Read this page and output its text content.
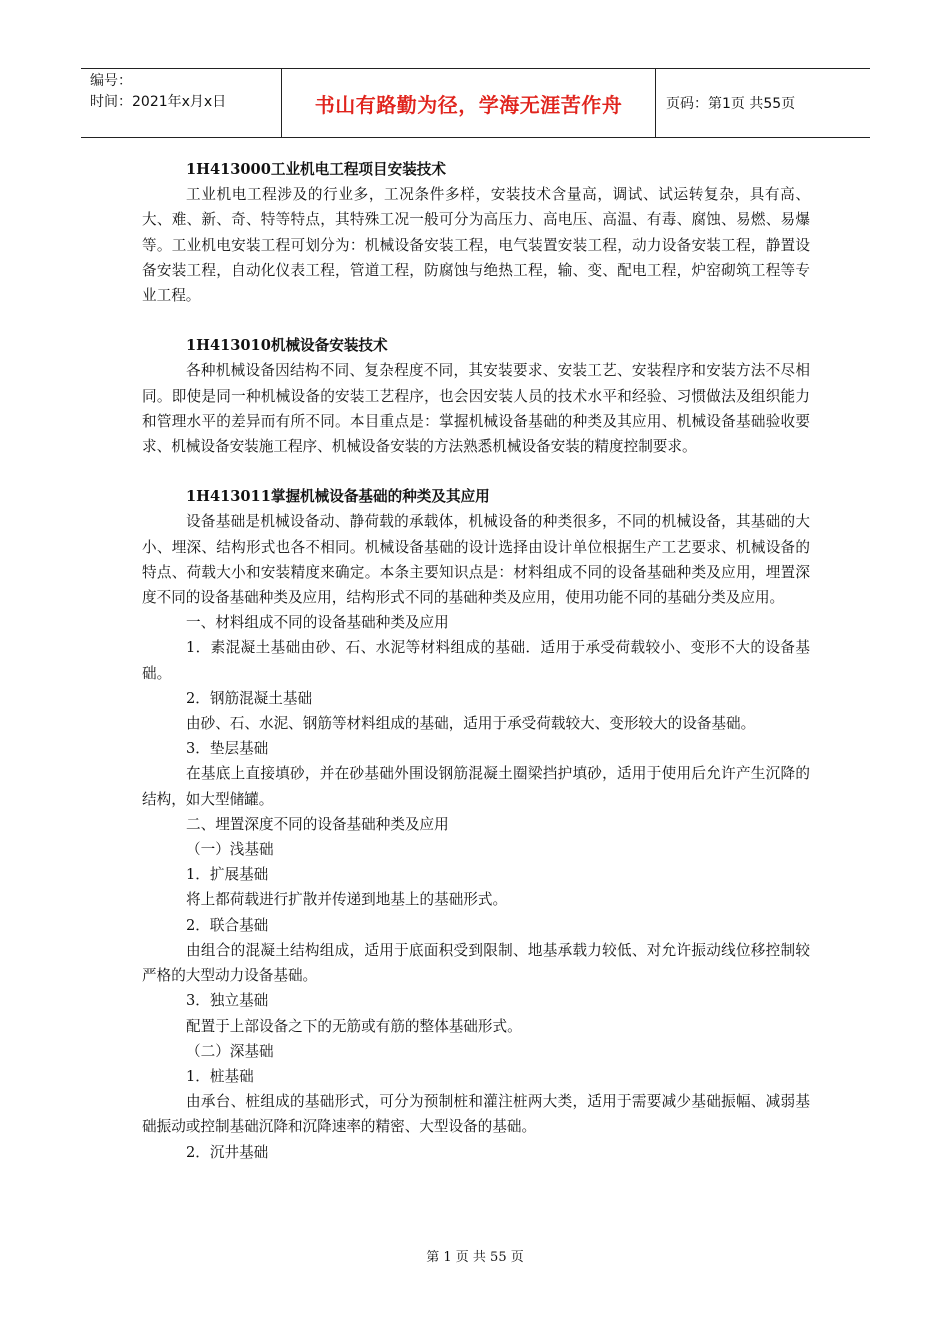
编号：
时间：2021年x月x日	书山有路勤为径，学海无涯苦作舟	页码：第1页 共55页

1H413000工业机电工程项目安装技术

工业机电工程涉及的行业多，工况条件多样，安装技术含量高，调试、试运转复杂，具有高、大、难、新、奇、特等特点，其特殊工况一般可分为高压力、高电压、高温、有毒、腐蚀、易燃、易爆等。工业机电安装工程可划分为：机械设备安装工程，电气装置安装工程，动力设备安装工程，静置设备安装工程，自动化仪表工程，管道工程，防腐蚀与绝热工程，输、变、配电工程，炉窑砌筑工程等专业工程。

1H413010机械设备安装技术

各种机械设备因结构不同、复杂程度不同，其安装要求、安装工艺、安装程序和安装方法不尽相同。即使是同一种机械设备的安装工艺程序，也会因安装人员的技术水平和经验、习惯做法及组织能力和管理水平的差异而有所不同。本目重点是：掌握机械设备基础的种类及其应用、机械设备基础验收要求、机械设备安装施工程序、机械设备安装的方法熟悉机械设备安装的精度控制要求。

1H413011掌握机械设备基础的种类及其应用

设备基础是机械设备动、静荷载的承载体，机械设备的种类很多，不同的机械设备，其基础的大小、埋深、结构形式也各不相同。机械设备基础的设计选择由设计单位根据生产工艺要求、机械设备的特点、荷载大小和安装精度来确定。本条主要知识点是：材料组成不同的设备基础种类及应用，埋置深度不同的设备基础种类及应用，结构形式不同的基础种类及应用，使用功能不同的基础分类及应用。

一、材料组成不同的设备基础种类及应用

1．素混凝土基础由砂、石、水泥等材料组成的基础．适用于承受荷载较小、变形不大的设备基础。

2．钢筋混凝土基础

由砂、石、水泥、钢筋等材料组成的基础，适用于承受荷载较大、变形较大的设备基础。

3．垫层基础

在基底上直接填砂，并在砂基础外围设钢筋混凝土圈梁挡护填砂，适用于使用后允许产生沉降的结构，如大型储罐。

二、埋置深度不同的设备基础种类及应用

（一）浅基础

1．扩展基础

将上都荷载进行扩散并传递到地基上的基础形式。

2．联合基础

由组合的混凝土结构组成，适用于底面积受到限制、地基承载力较低、对允许振动线位移控制较严格的大型动力设备基础。

3．独立基础

配置于上部设备之下的无筋或有筋的整体基础形式。

（二）深基础

1．桩基础

由承台、桩组成的基础形式，可分为预制桩和灌注桩两大类，适用于需要减少基础振幅、减弱基础振动或控制基础沉降和沉降速率的精密、大型设备的基础。

2．沉井基础

第 1 页 共 55 页
